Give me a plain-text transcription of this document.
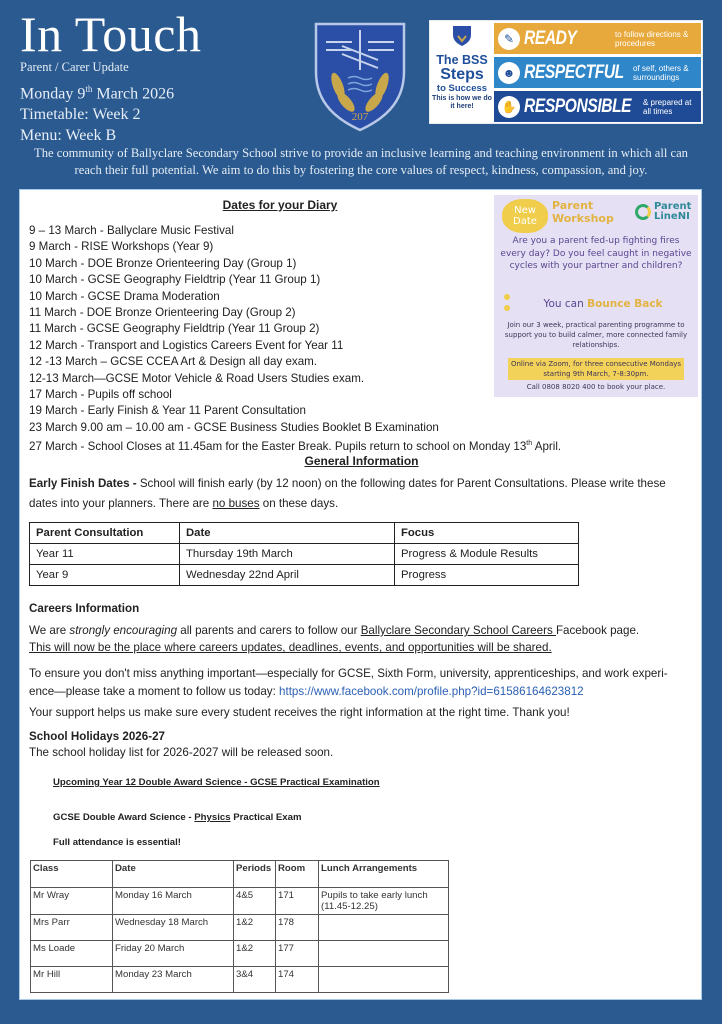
In Touch
Parent / Carer Update
Monday 9th March 2026
Timetable: Week 2
Menu: Week B
207
The BSS
Steps
to Success
This is how we do it here!
✎ READY	to follow directions & procedures
☻ RESPECTFUL of self, others & surroundings
✋ RESPONSIBLE & prepared at all times
The community of Ballyclare Secondary School strive to provide an inclusive learning and teaching environment in which all can reach their full potential. We aim to do this by fostering the core values of respect, kindness, compassion, and joy.
Dates for your Diary
9 – 13 March - Ballyclare Music Festival
9 March - RISE Workshops (Year 9)
10 March - DOE Bronze Orienteering Day (Group 1)
10 March - GCSE Geography Fieldtrip (Year 11 Group 1)
10 March - GCSE Drama Moderation
11 March - DOE Bronze Orienteering Day (Group 2)
11 March - GCSE Geography Fieldtrip (Year 11 Group 2)
12 March - Transport and Logistics Careers Event for Year 11
12 -13 March – GCSE CCEA Art & Design all day exam.
12-13 March—GCSE Motor Vehicle & Road Users Studies exam.
17 March - Pupils off school
19 March - Early Finish & Year 11 Parent Consultation
23 March 9.00 am – 10.00 am - GCSE Business Studies Booklet B Examination
27 March - School Closes at 11.45am for the Easter Break. Pupils return to school on Monday 13th April.
New Date
Parent Workshop
Parent LineNI
Are you a parent fed-up fighting fires every day? Do you feel caught in negative cycles with your partner and children?
You can Bounce Back
Join our 3 week, practical parenting programme to support you to build calmer, more connected family relationships.
Online via Zoom, for three consecutive Mondays starting 9th March, 7-8:30pm.
Call 0808 8020 400 to book your place.
General Information
Early Finish Dates - School will finish early (by 12 noon) on the following dates for Parent Consultations. Please write these dates into your planners. There are no buses on these days.
Parent Consultation	Date	Focus
Year 11	Thursday 19th March	Progress & Module Results
Year 9	Wednesday 22nd April	Progress
Careers Information
We are strongly encouraging all parents and carers to follow our Ballyclare Secondary School Careers Facebook page.
This will now be the place where careers updates, deadlines, events, and opportunities will be shared.
To ensure you don't miss anything important—especially for GCSE, Sixth Form, university, apprenticeships, and work experi-ence—please take a moment to follow us today: https://www.facebook.com/profile.php?id=61586164623812
Your support helps us make sure every student receives the right information at the right time. Thank you!
School Holidays 2026-27
The school holiday list for 2026-2027 will be released soon.
Upcoming Year 12 Double Award Science - GCSE Practical Examination
GCSE Double Award Science - Physics Practical Exam
Full attendance is essential!
Class	Date	Periods	Room	Lunch Arrangements
Mr Wray	Monday 16 March	4&5	171	Pupils to take early lunch (11.45-12.25)
Mrs Parr	Wednesday 18 March	1&2	178	
Ms Loade	Friday 20 March	1&2	177	
Mr Hill	Monday 23 March	3&4	174	
